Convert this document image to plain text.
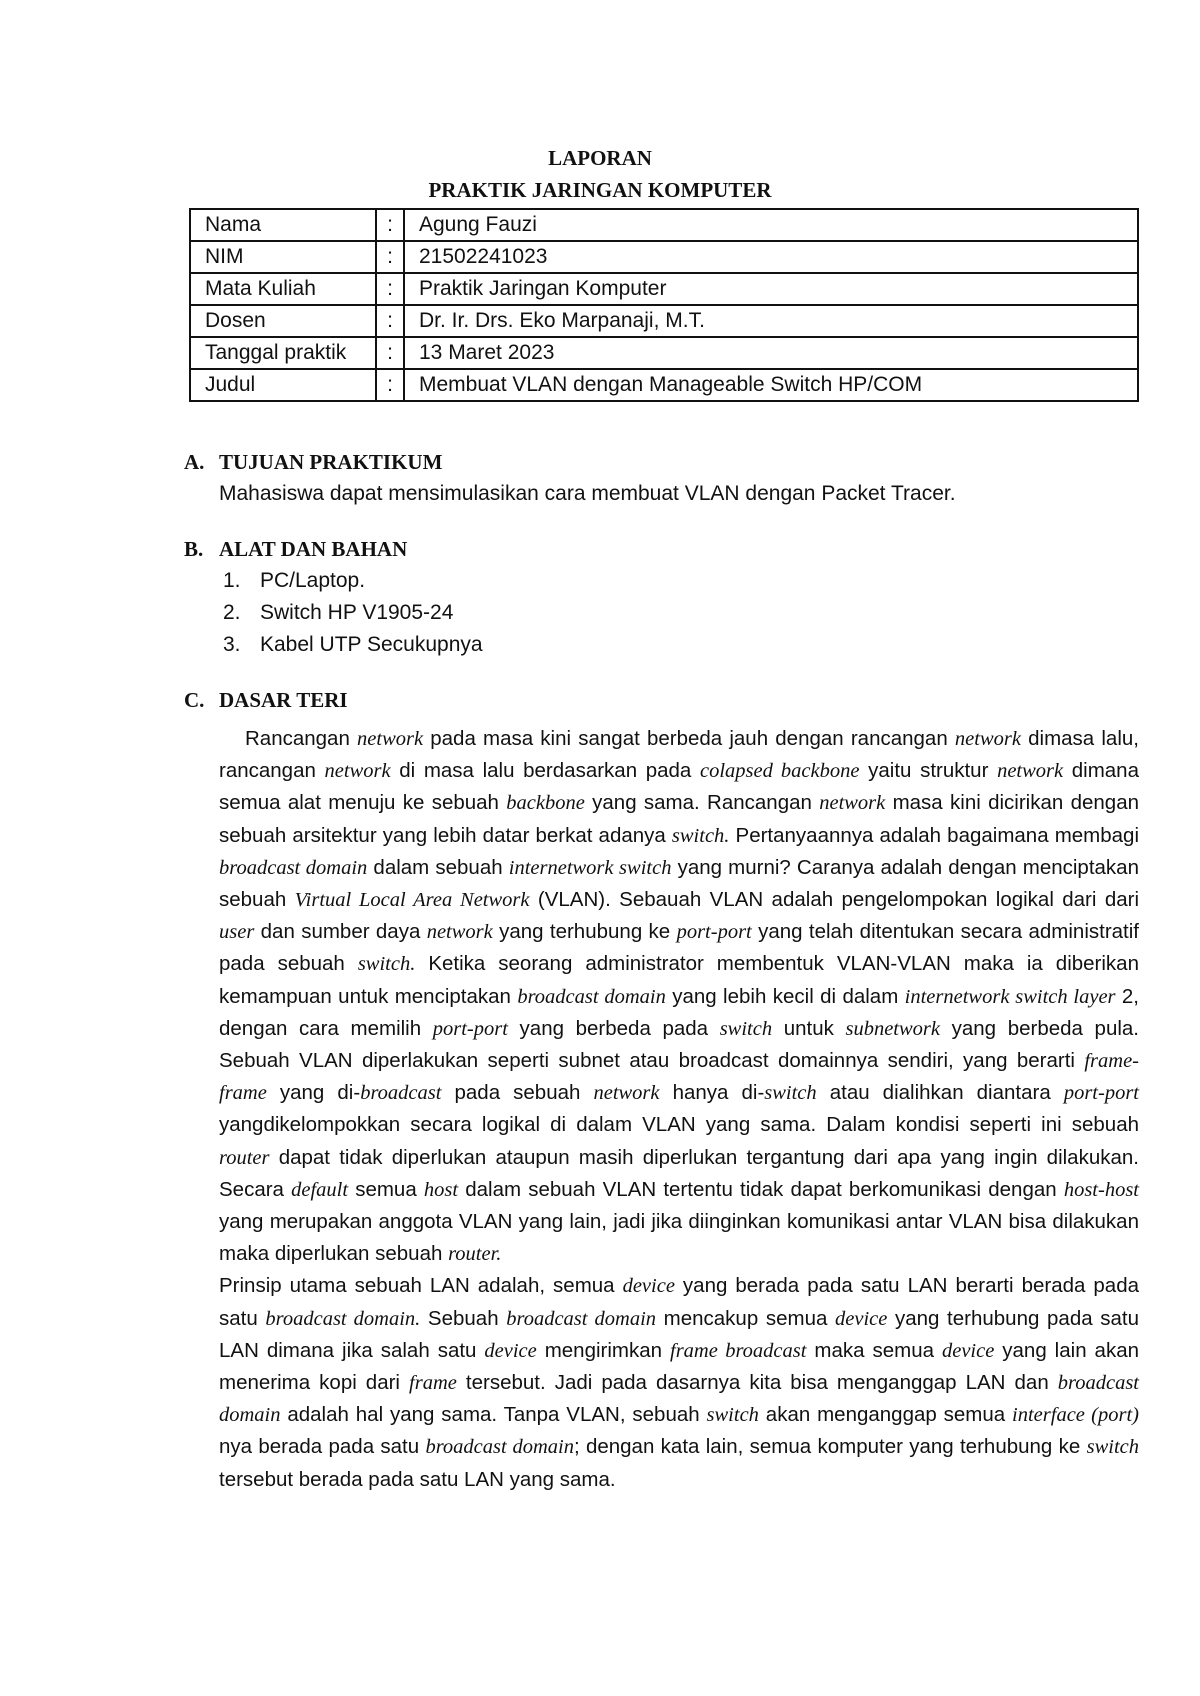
LAPORAN
PRAKTIK JARINGAN KOMPUTER
Nama	:	Agung Fauzi
NIM	:	21502241023
Mata Kuliah	:	Praktik Jaringan Komputer
Dosen	:	Dr. Ir. Drs. Eko Marpanaji, M.T.
Tanggal praktik	:	13 Maret 2023
Judul	:	Membuat VLAN dengan Manageable Switch HP/COM
A. TUJUAN PRAKTIKUM
Mahasiswa dapat mensimulasikan cara membuat VLAN dengan Packet Tracer.
B. ALAT DAN BAHAN
1. PC/Laptop.
2. Switch HP V1905-24
3. Kabel UTP Secukupnya
C. DASAR TERI

Rancangan network pada masa kini sangat berbeda jauh dengan rancangan network dimasa lalu, rancangan network di masa lalu berdasarkan pada colapsed backbone yaitu struktur network dimana semua alat menuju ke sebuah backbone yang sama. Rancangan network masa kini dicirikan dengan sebuah arsitektur yang lebih datar berkat adanya switch. Pertanyaannya adalah bagaimana membagi broadcast domain dalam sebuah internetwork switch yang murni? Caranya adalah dengan menciptakan sebuah Virtual Local Area Network (VLAN). Sebauah VLAN adalah pengelompokan logikal dari dari user dan sumber daya network yang terhubung ke port-port yang telah ditentukan secara administratif pada sebuah switch. Ketika seorang administrator membentuk VLAN-VLAN maka ia diberikan kemampuan untuk menciptakan broadcast domain yang lebih kecil di dalam internetwork switch layer 2, dengan cara memilih port-port yang berbeda pada switch untuk subnetwork yang berbeda pula. Sebuah VLAN diperlakukan seperti subnet atau broadcast domainnya sendiri, yang berarti frame-frame yang di-broadcast pada sebuah network hanya di-switch atau dialihkan diantara port-port yangdikelompokkan secara logikal di dalam VLAN yang sama. Dalam kondisi seperti ini sebuah router dapat tidak diperlukan ataupun masih diperlukan tergantung dari apa yang ingin dilakukan. Secara default semua host dalam sebuah VLAN tertentu tidak dapat berkomunikasi dengan host-host yang merupakan anggota VLAN yang lain, jadi jika diinginkan komunikasi antar VLAN bisa dilakukan maka diperlukan sebuah router.

Prinsip utama sebuah LAN adalah, semua device yang berada pada satu LAN berarti berada pada satu broadcast domain. Sebuah broadcast domain mencakup semua device yang terhubung pada satu LAN dimana jika salah satu device mengirimkan frame broadcast maka semua device yang lain akan menerima kopi dari frame tersebut. Jadi pada dasarnya kita bisa menganggap LAN dan broadcast domain adalah hal yang sama. Tanpa VLAN, sebuah switch akan menganggap semua interface (port) nya berada pada satu broadcast domain; dengan kata lain, semua komputer yang terhubung ke switch tersebut berada pada satu LAN yang sama.
